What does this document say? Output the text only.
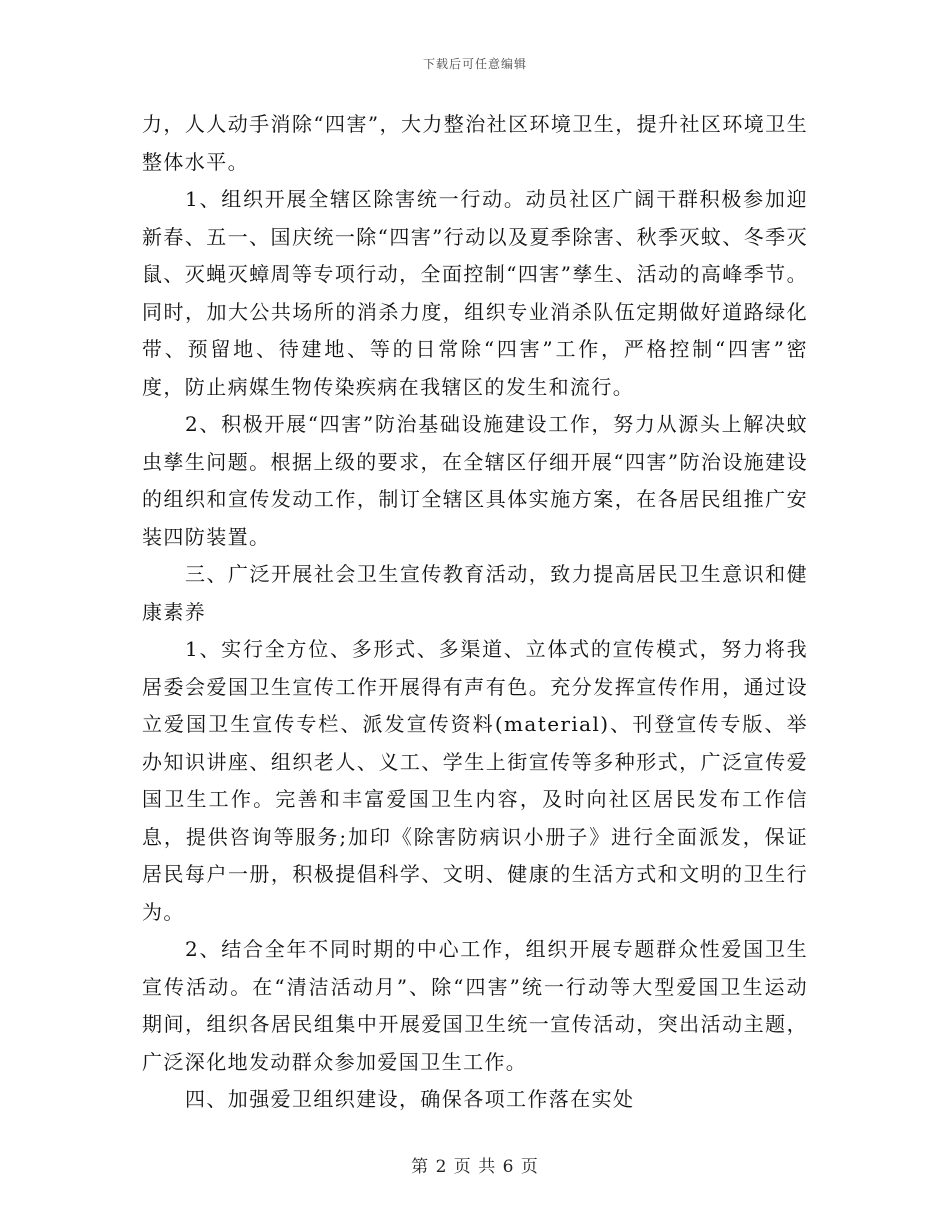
下载后可任意编辑

力，人人动手消除“四害”，大力整治社区环境卫生，提升社区环境卫生整体水平。

1、组织开展全辖区除害统一行动。动员社区广阔干群积极参加迎新春、五一、国庆统一除“四害”行动以及夏季除害、秋季灭蚊、冬季灭鼠、灭蝇灭蟑周等专项行动，全面控制“四害”孳生、活动的高峰季节。同时，加大公共场所的消杀力度，组织专业消杀队伍定期做好道路绿化带、预留地、待建地、等的日常除“四害”工作，严格控制“四害”密度，防止病媒生物传染疾病在我辖区的发生和流行。

2、积极开展“四害”防治基础设施建设工作，努力从源头上解决蚊虫孳生问题。根据上级的要求，在全辖区仔细开展“四害”防治设施建设的组织和宣传发动工作，制订全辖区具体实施方案，在各居民组推广安装四防装置。

三、广泛开展社会卫生宣传教育活动，致力提高居民卫生意识和健康素养

1、实行全方位、多形式、多渠道、立体式的宣传模式，努力将我居委会爱国卫生宣传工作开展得有声有色。充分发挥宣传作用，通过设立爱国卫生宣传专栏、派发宣传资料(material)、刊登宣传专版、举办知识讲座、组织老人、义工、学生上街宣传等多种形式，广泛宣传爱国卫生工作。完善和丰富爱国卫生内容，及时向社区居民发布工作信息，提供咨询等服务;加印《除害防病识小册子》进行全面派发，保证居民每户一册，积极提倡科学、文明、健康的生活方式和文明的卫生行为。

2、结合全年不同时期的中心工作，组织开展专题群众性爱国卫生宣传活动。在“清洁活动月”、除“四害”统一行动等大型爱国卫生运动期间，组织各居民组集中开展爱国卫生统一宣传活动，突出活动主题，广泛深化地发动群众参加爱国卫生工作。

四、加强爱卫组织建设，确保各项工作落在实处

第 2 页 共 6 页
